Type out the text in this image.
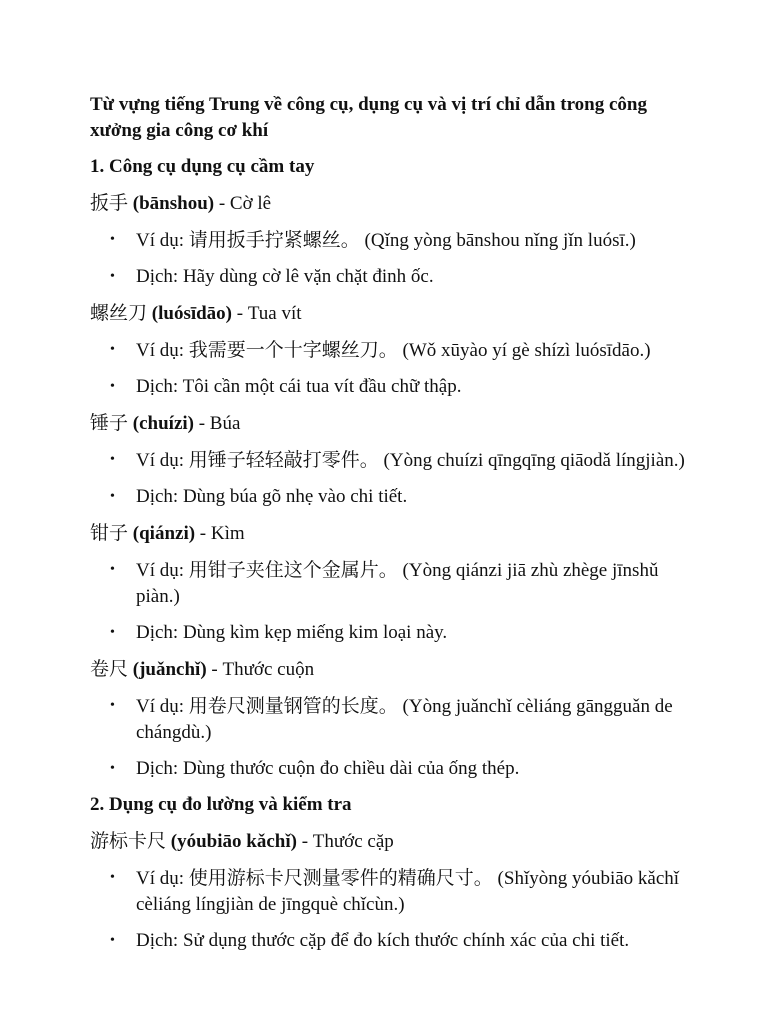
Từ vựng tiếng Trung về công cụ, dụng cụ và vị trí chỉ dẫn trong công xưởng gia công cơ khí
1. Công cụ dụng cụ cầm tay
扳手 (bānshou) - Cờ lê
• Ví dụ: 请用扳手拧紧螺丝。 (Qǐng yòng bānshou nǐng jǐn luósī.)
• Dịch: Hãy dùng cờ lê vặn chặt đinh ốc.
螺丝刀 (luósīdāo) - Tua vít
• Ví dụ: 我需要一个十字螺丝刀。 (Wǒ xūyào yí gè shízì luósīdāo.)
• Dịch: Tôi cần một cái tua vít đầu chữ thập.
锤子 (chuízi) - Búa
• Ví dụ: 用锤子轻轻敲打零件。 (Yòng chuízi qīngqīng qiāodǎ língjiàn.)
• Dịch: Dùng búa gõ nhẹ vào chi tiết.
钳子 (qiánzi) - Kìm
• Ví dụ: 用钳子夹住这个金属片。 (Yòng qiánzi jiā zhù zhège jīnshǔ piàn.)
• Dịch: Dùng kìm kẹp miếng kim loại này.
卷尺 (juǎnchǐ) - Thước cuộn
• Ví dụ: 用卷尺测量钢管的长度。 (Yòng juǎnchǐ cèliáng gāngguǎn de chángdù.)
• Dịch: Dùng thước cuộn đo chiều dài của ống thép.
2. Dụng cụ đo lường và kiểm tra
游标卡尺 (yóubiāo kǎchǐ) - Thước cặp
• Ví dụ: 使用游标卡尺测量零件的精确尺寸。 (Shǐyòng yóubiāo kǎchǐ cèliáng língjiàn de jīngquè chǐcùn.)
• Dịch: Sử dụng thước cặp để đo kích thước chính xác của chi tiết.
